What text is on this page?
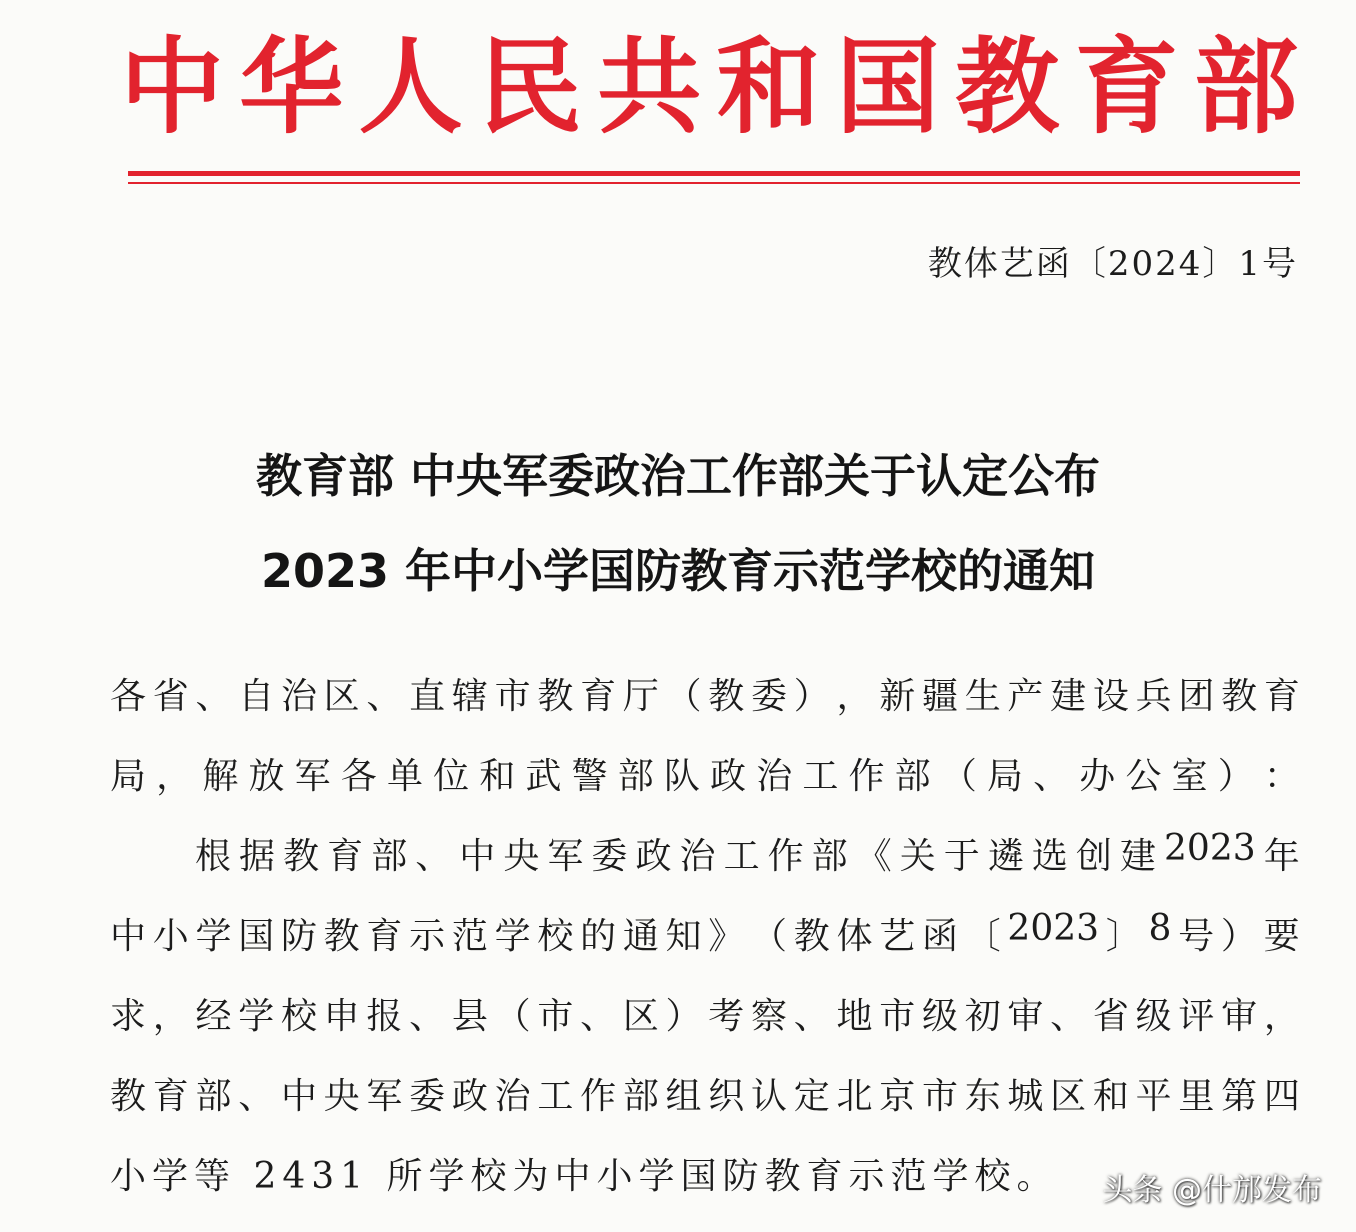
中 华 人 民 共 和 国 教 育 部
教体艺函〔2024〕1号
教育部 中央军委政治工作部关于认定公布
2023 年中小学国防教育示范学校的通知
各 省 、 自 治 区 、 直 辖 市 教 育 厅 （ 教 委 ） ， 新 疆 生 产 建 设 兵 团 教 育
局 ， 解 放 军 各 单 位 和 武 警 部 队 政 治 工 作 部 （ 局 、 办 公 室 ） ：
根 据 教 育 部 、 中 央 军 委 政 治 工 作 部 《 关 于 遴 选 创 建 2023 年
中 小 学 国 防 教 育 示 范 学 校 的 通 知 》 （ 教 体 艺 函 〔 2023 〕 8 号 ） 要
求 ， 经 学 校 申 报 、 县 （ 市 、 区 ） 考 察 、 地 市 级 初 审 、 省 级 评 审 ，
教 育 部 、 中 央 军 委 政 治 工 作 部 组 织 认 定 北 京 市 东 城 区 和 平 里 第 四
小学等 2431 所学校为中小学国防教育示范学校。	头条 @什邡发布
